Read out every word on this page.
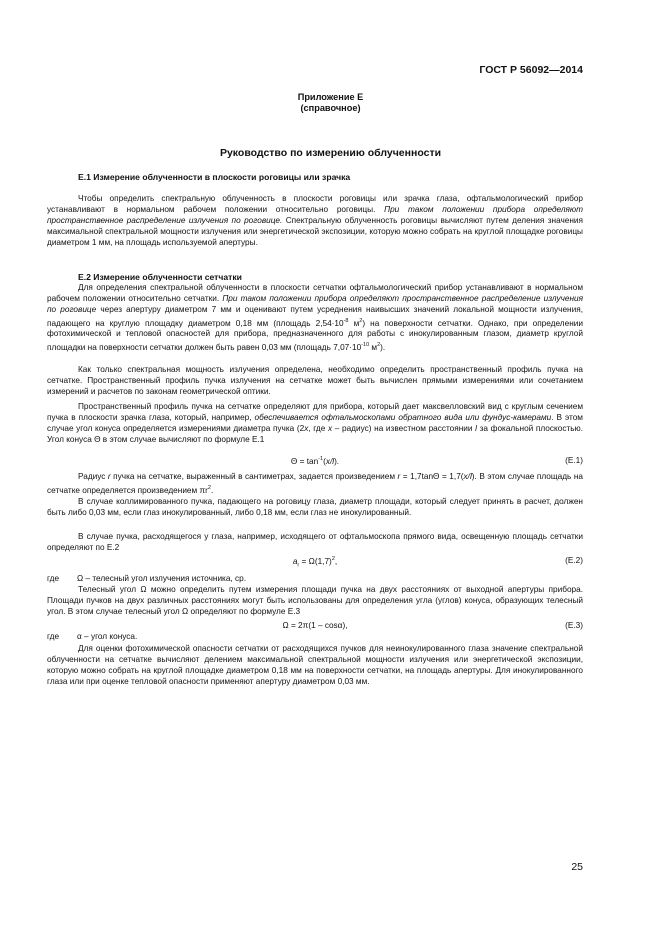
ГОСТ Р 56092—2014
Приложение Е
(справочное)
Руководство по измерению облученности
Е.1 Измерение облученности в плоскости роговицы или зрачка
Чтобы определить спектральную облученность в плоскости роговицы или зрачка глаза, офтальмологический прибор устанавливают в нормальном рабочем положении относительно роговицы. При таком положении прибора определяют пространственное распределение излучения по роговице. Спектральную облученность роговицы вычисляют путем деления значения максимальной спектральной мощности излучения или энергетической экспозиции, которую можно собрать на круглой площадке роговицы диаметром 1 мм, на площадь используемой апертуры.
Е.2 Измерение облученности сетчатки
Для определения спектральной облученности в плоскости сетчатки офтальмологический прибор устанавливают в нормальном рабочем положении относительно сетчатки. При таком положении прибора определяют пространственное распределение излучения по роговице через апертуру диаметром 7 мм и оценивают путем усреднения наивысших значений локальной мощности излучения, падающего на круглую площадку диаметром 0,18 мм (площадь $2,54\cdot 10^{-8}$ $м^2$) на поверхности сетчатки. Однако, при определении фотохимической и тепловой опасностей для прибора, предназначенного для работы с инокулированным глазом, диаметр круглой площадки на поверхности сетчатки должен быть равен 0,03 мм (площадь $7,07\cdot 10^{-10}$ $м^2$).
Как только спектральная мощность излучения определена, необходимо определить пространственный профиль пучка на сетчатке. Пространственный профиль пучка излучения на сетчатке может быть вычислен прямыми измерениями или сочетанием измерений и расчетов по законам геометрической оптики.
Пространственный профиль пучка на сетчатке определяют для прибора, который дает максвелловский вид с круглым сечением пучка в плоскости зрачка глаза, который, например, обеспечивается офтальмоскопами обратного вида или фундус-камерами. В этом случае угол конуса определяется измерениями диаметра пучка (2x, где x – радиус) на известном расстоянии l за фокальной плоскостью. Угол конуса Θ в этом случае вычисляют по формуле Е.1
$\Theta = \tan^{-1}(x/l)$.	(Е.1)
Радиус r пучка на сетчатке, выраженный в сантиметрах, задается произведением r = 1,7tanΘ = 1,7(x/l). В этом случае площадь на сетчатке определяется произведением $\pi r^2$.
В случае коллимированного пучка, падающего на роговицу глаза, диаметр площади, который следует принять в расчет, должен быть либо 0,03 мм, если глаз инокулированный, либо 0,18 мм, если глаз не инокулированный.
В случае пучка, расходящегося у глаза, например, исходящего от офтальмоскопа прямого вида, освещенную площадь сетчатки определяют по Е.2
$a_r = \Omega(1,7)^2$,	(Е.2)
где Ω – телесный угол излучения источника, ср.
Телесный угол Ω можно определить путем измерения площади пучка на двух расстояниях от выходной апертуры прибора. Площади пучков на двух различных расстояниях могут быть использованы для определения угла (углов) конуса, образующих телесный угол. В этом случае телесный угол Ω определяют по формуле Е.3
Ω = 2π(1 – cosα),	(Е.3)
где α – угол конуса.
Для оценки фотохимической опасности сетчатки от расходящихся пучков для неинокулированного глаза значение спектральной облученности на сетчатке вычисляют делением максимальной спектральной мощности излучения или энергетической экспозиции, которую можно собрать на круглой площадке диаметром 0,18 мм на поверхности сетчатки, на площадь апертуры. Для инокулированного глаза или при оценке тепловой опасности применяют апертуру диаметром 0,03 мм.
25
